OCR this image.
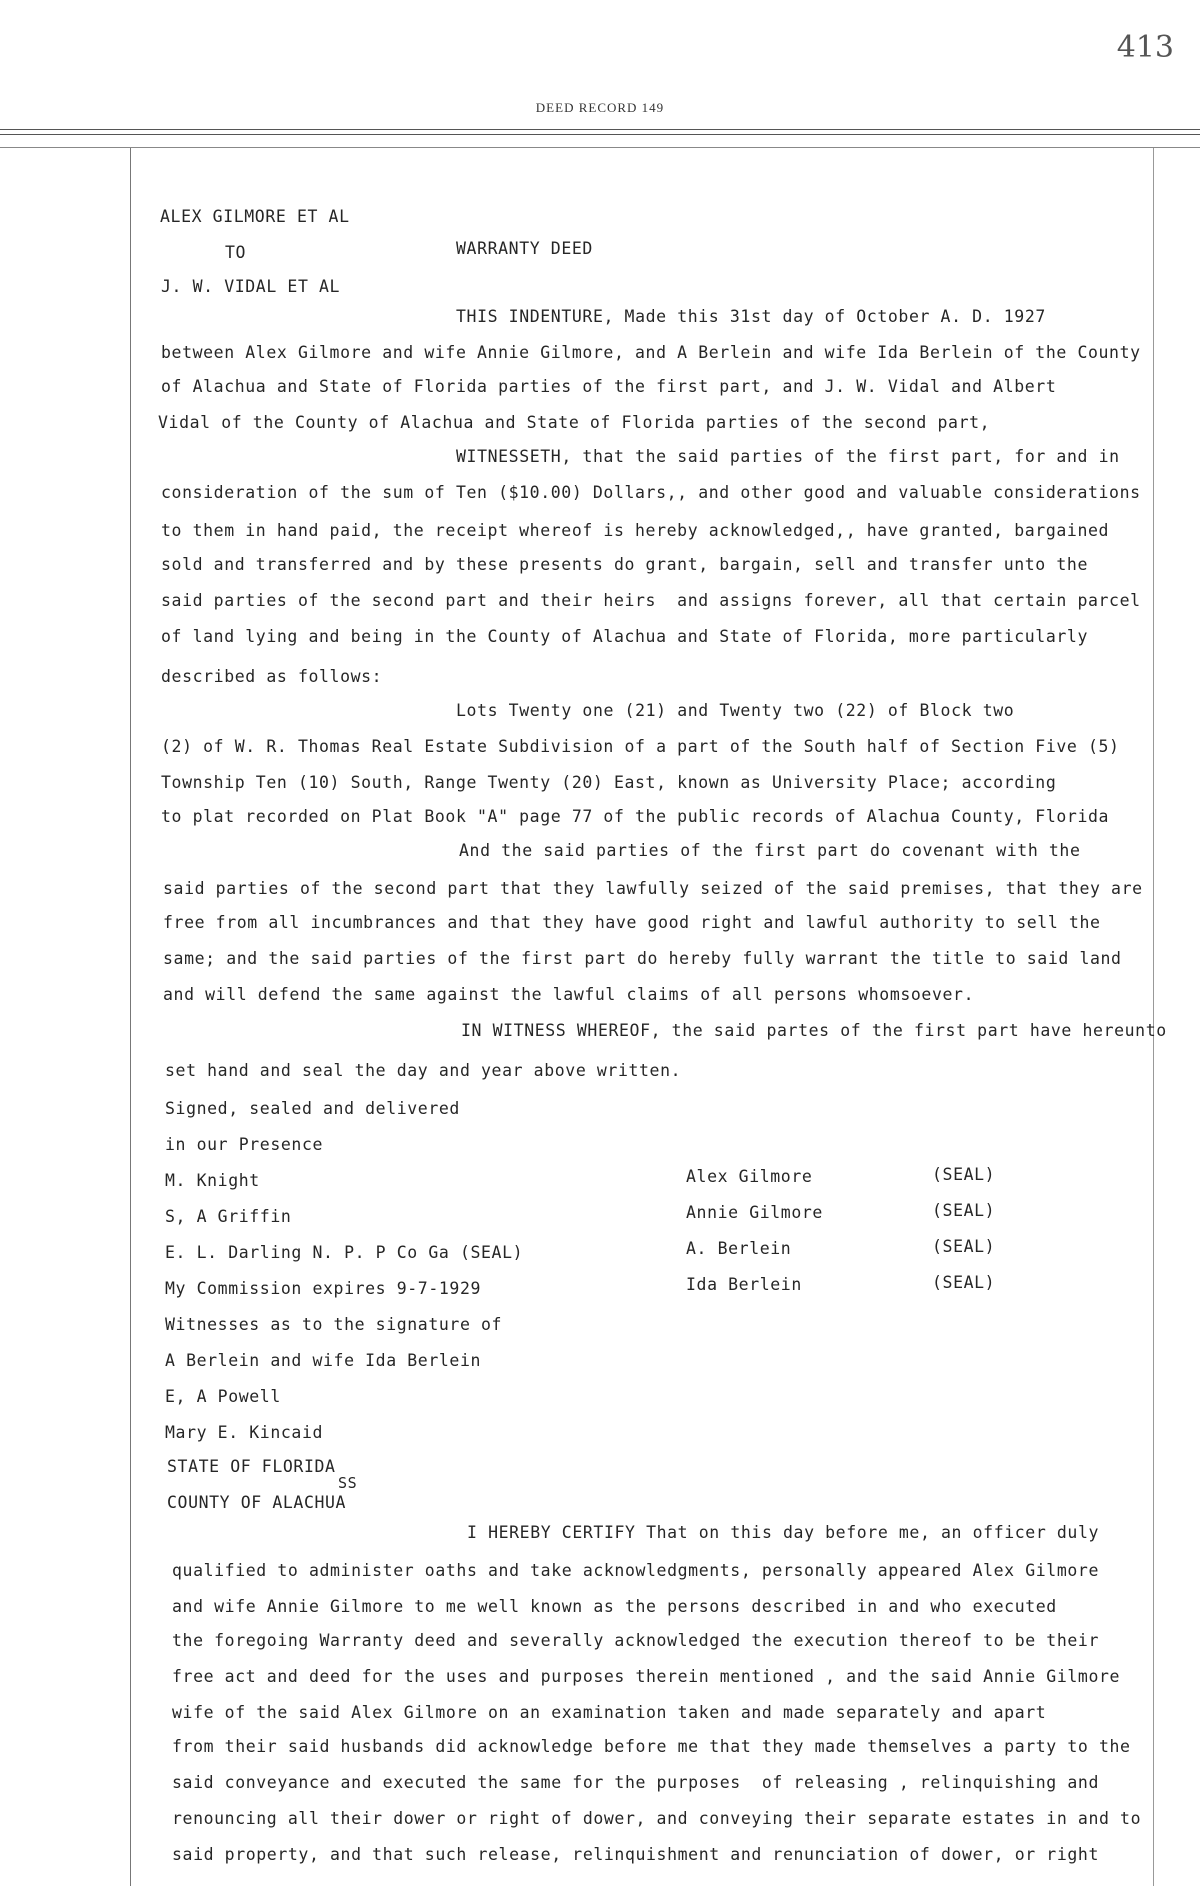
413
DEED RECORD 149
ALEX GILMORE ET AL
TO	WARRANTY DEED
J. W. VIDAL ET AL
THIS INDENTURE, Made this 31st day of October A. D. 1927
between Alex Gilmore and wife Annie Gilmore, and A Berlein and wife Ida Berlein of the County
of Alachua and State of Florida parties of the first part, and J. W. Vidal and Albert
Vidal of the County of Alachua and State of Florida parties of the second part,
WITNESSETH, that the said parties of the first part, for and in
consideration of the sum of Ten ($10.00) Dollars,, and other good and valuable considerations
to them in hand paid, the receipt whereof is hereby acknowledged,, have granted, bargained
sold and transferred and by these presents do grant, bargain, sell and transfer unto the
said parties of the second part and their heirs  and assigns forever, all that certain parcel
of land lying and being in the County of Alachua and State of Florida, more particularly
described as follows:
Lots Twenty one (21) and Twenty two (22) of Block two
(2) of W. R. Thomas Real Estate Subdivision of a part of the South half of Section Five (5)
Township Ten (10) South, Range Twenty (20) East, known as University Place; according
to plat recorded on Plat Book "A" page 77 of the public records of Alachua County, Florida
And the said parties of the first part do covenant with the
said parties of the second part that they lawfully seized of the said premises, that they are
free from all incumbrances and that they have good right and lawful authority to sell the
same; and the said parties of the first part do hereby fully warrant the title to said land
and will defend the same against the lawful claims of all persons whomsoever.
IN WITNESS WHEREOF, the said partes of the first part have hereunto
set hand and seal the day and year above written.
Signed, sealed and delivered
in our Presence
M. Knight
S, A Griffin
E. L. Darling N. P. P Co Ga (SEAL)
My Commission expires 9-7-1929
Witnesses as to the signature of
A Berlein and wife Ida Berlein
E, A Powell
Mary E. Kincaid
Alex Gilmore	(SEAL)
Annie Gilmore	(SEAL)
A. Berlein	(SEAL)
Ida Berlein	(SEAL)
STATE OF FLORIDA
SS
COUNTY OF ALACHUA
I HEREBY CERTIFY That on this day before me, an officer duly
qualified to administer oaths and take acknowledgments, personally appeared Alex Gilmore
and wife Annie Gilmore to me well known as the persons described in and who executed
the foregoing Warranty deed and severally acknowledged the execution thereof to be their
free act and deed for the uses and purposes therein mentioned , and the said Annie Gilmore
wife of the said Alex Gilmore on an examination taken and made separately and apart
from their said husbands did acknowledge before me that they made themselves a party to the
said conveyance and executed the same for the purposes  of releasing , relinquishing and
renouncing all their dower or right of dower, and conveying their separate estates in and to
said property, and that such release, relinquishment and renunciation of dower, or right
